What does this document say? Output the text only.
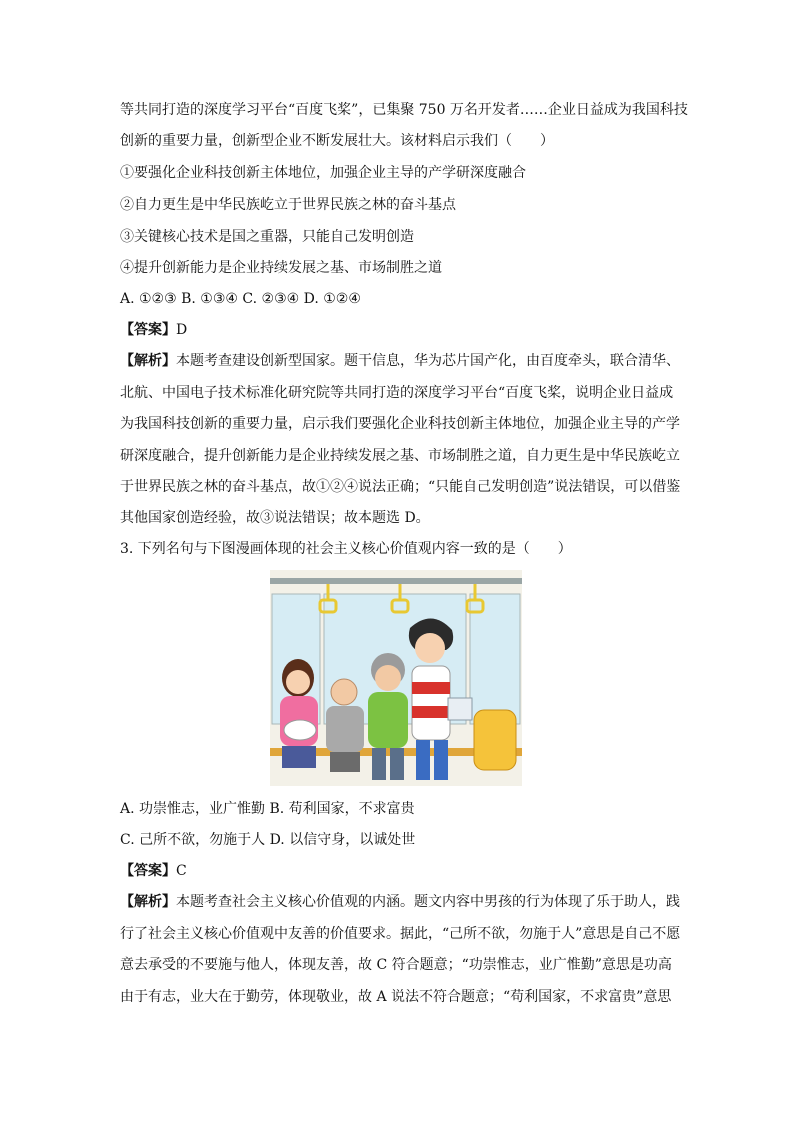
等共同打造的深度学习平台“百度飞桨”，已集聚 750 万名开发者……企业日益成为我国科技
创新的重要力量，创新型企业不断发展壮大。该材料启示我们（　　）
①要强化企业科技创新主体地位，加强企业主导的产学研深度融合
②自力更生是中华民族屹立于世界民族之林的奋斗基点
③关键核心技术是国之重器，只能自己发明创造
④提升创新能力是企业持续发展之基、市场制胜之道
A. ①②③ B. ①③④ C. ②③④ D. ①②④
【答案】D
【解析】本题考查建设创新型国家。题干信息，华为芯片国产化，由百度牵头，联合清华、
北航、中国电子技术标准化研究院等共同打造的深度学习平台“百度飞桨，说明企业日益成
为我国科技创新的重要力量，启示我们要强化企业科技创新主体地位，加强企业主导的产学
研深度融合，提升创新能力是企业持续发展之基、市场制胜之道，自力更生是中华民族屹立
于世界民族之林的奋斗基点，故①②④说法正确；“只能自己发明创造”说法错误，可以借鉴
其他国家创造经验，故③说法错误；故本题选 D。
3. 下列名句与下图漫画体现的社会主义核心价值观内容一致的是（　　）
A. 功崇惟志，业广惟勤 B. 苟利国家，不求富贵
C. 己所不欲，勿施于人 D. 以信守身，以诚处世
【答案】C
【解析】本题考查社会主义核心价值观的内涵。题文内容中男孩的行为体现了乐于助人，践
行了社会主义核心价值观中友善的价值要求。据此，“己所不欲，勿施于人”意思是自己不愿
意去承受的不要施与他人，体现友善，故 C 符合题意；“功崇惟志，业广惟勤”意思是功高
由于有志，业大在于勤劳，体现敬业，故 A 说法不符合题意；“苟利国家，不求富贵”意思
